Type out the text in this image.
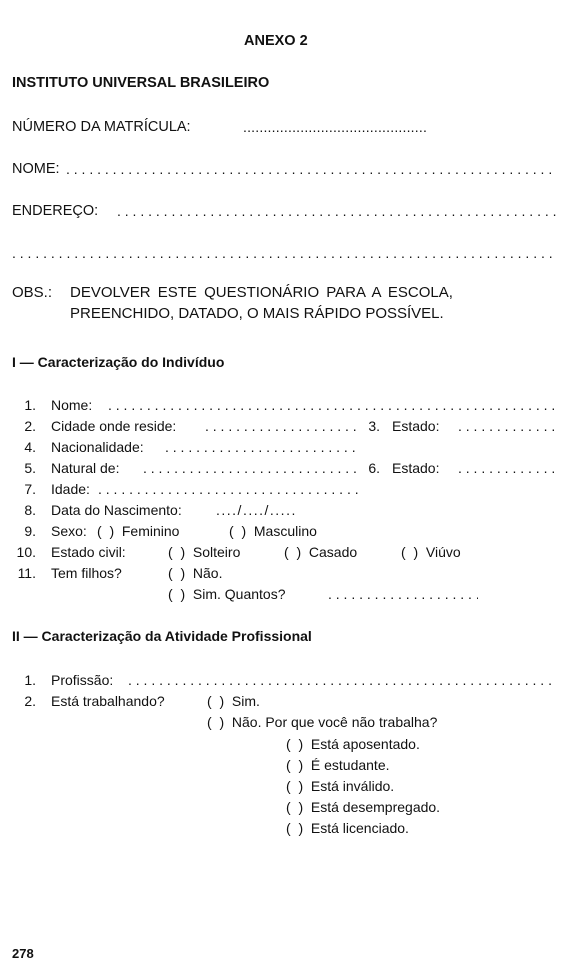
ANEXO 2
INSTITUTO UNIVERSAL BRASILEIRO
NÚMERO DA MATRÍCULA:
.....
NOME:
. . .
ENDEREÇO:
. . .
. . .
OBS.: DEVOLVER ESTE QUESTIONÁRIO PARA A ESCOLA,
PREENCHIDO, DATADO, O MAIS RÁPIDO POSSÍVEL.
I — Caracterização do Indivíduo
1. Nome:
. . .
2. Cidade onde reside: . . .	3. Estado:
. . .
4. Nacionalidade:
. . .
5. Natural de: . . .	6. Estado:
. . .
7. Idade:
. . .
8. Data do Nascimento: ..../..../.....
9. Sexo: (  )  Feminino	(  )  Masculino
10. Estado civil:	(  )  Solteiro	(  )  Casado	(  )  Viúvo
11. Tem filhos?	(  )  Não.
(  )  Sim. Quantos?
. . .
II — Caracterização da Atividade Profissional
1. Profissão:
. . .
2. Está trabalhando?	(  )  Sim.
(  )  Não. Por que você não trabalha?
(  )  Está aposentado.
(  )  É estudante.
(  )  Está inválido.
(  )  Está desempregado.
(  )  Está licenciado.
278
